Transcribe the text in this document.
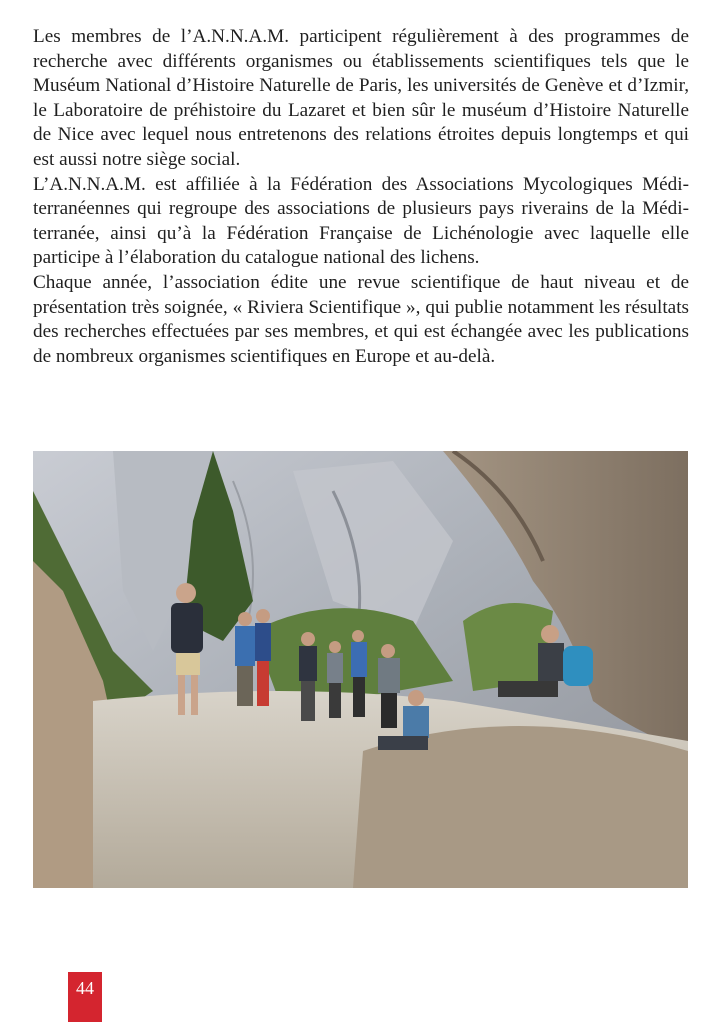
Les membres de l’A.N.N.A.M. participent régulièrement à des programmes de recherche avec différents organismes ou établissements scientifiques tels que le Muséum National d’Histoire Naturelle de Paris, les universités de Genève et d’Izmir, le Laboratoire de préhistoire du Lazaret et bien sûr le muséum d’Histoire Naturelle de Nice avec lequel nous entretenons des relations étroites depuis longtemps et qui est aussi notre siège social.

L’A.N.N.A.M. est affiliée à la Fédération des Associations Mycologiques Méditerranéennes qui regroupe des associations de plusieurs pays riverains de la Méditerranée, ainsi qu’à la Fédération Française de Lichénologie avec laquelle elle participe à l’élaboration du catalogue national des lichens.

Chaque année, l’association édite une revue scientifique de haut niveau et de présentation très soignée, « Riviera Scientifique », qui publie notamment les résultats des recherches effectuées par ses membres, et qui est échangée avec les publications de nombreux organismes scientifiques en Europe et au-delà.

44
